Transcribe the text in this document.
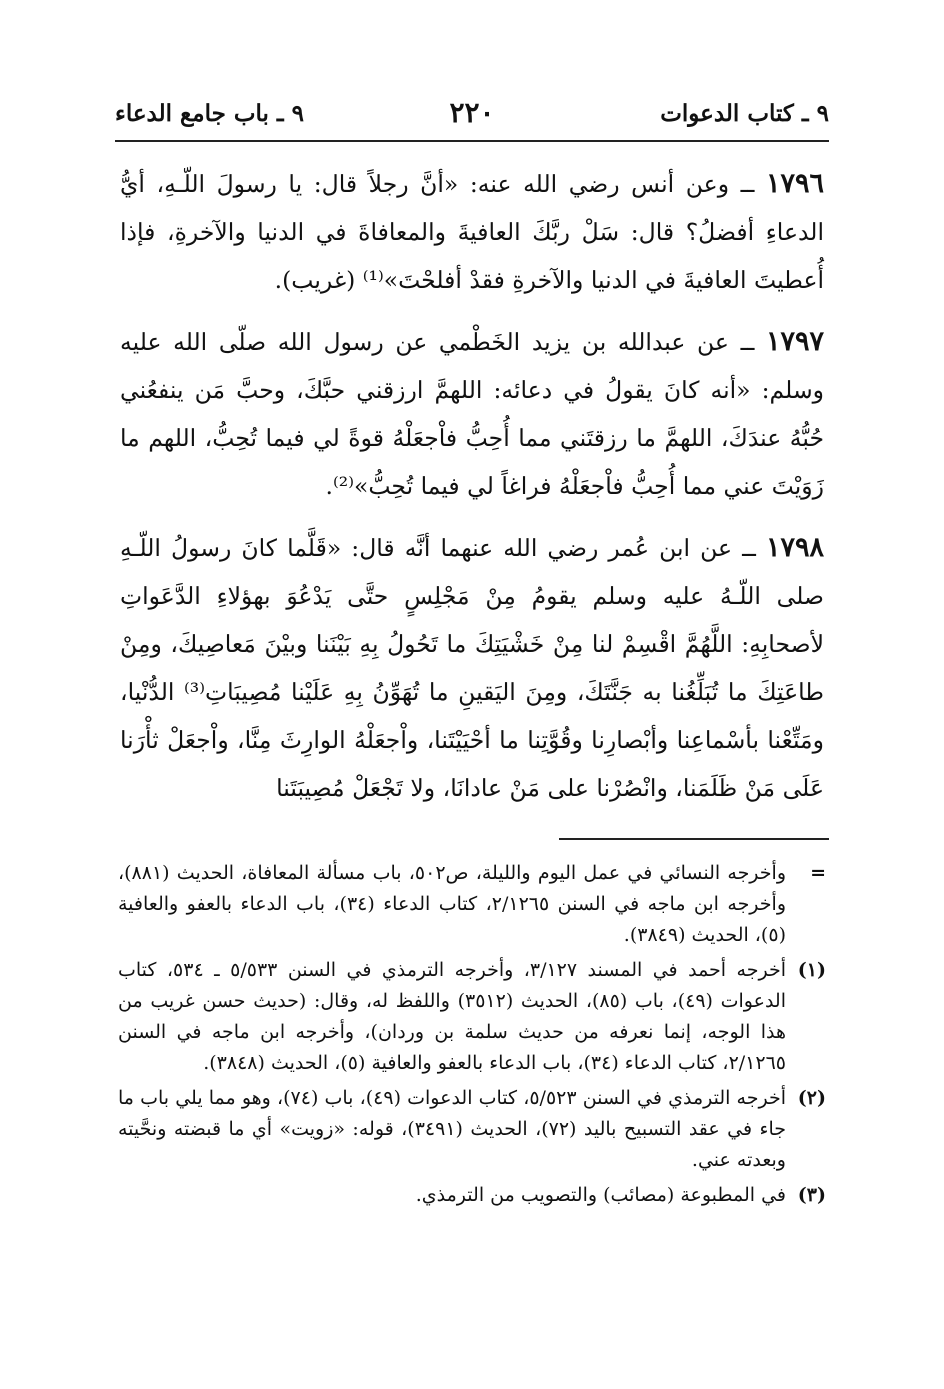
٩ ـ كتاب الدعوات
٢٢٠
٩ ـ باب جامع الدعاء

١٧٩٦ ــ وعن أنس رضي الله عنه: «أنَّ رجلاً قال: يا رسولَ اللّـهِ، أيُّ الدعاءِ أفضلُ؟ قال: سَلْ ربَّكَ العافيةَ والمعافاةَ في الدنيا والآخرةِ، فإذا أُعطيتَ العافيةَ في الدنيا والآخرةِ فقدْ أفلحْتَ»⁽¹⁾ (غريب).

١٧٩٧ ــ عن عبدالله بن يزيد الخَطْمي عن رسول الله صلّى الله عليه وسلم: «أنه كانَ يقولُ في دعائه: اللهمَّ ارزقني حبَّكَ، وحبَّ مَن ينفعُني حُبُّهُ عندَكَ، اللهمَّ ما رزقتَني مما أُحِبُّ فاْجعَلْهُ قوةً لي فيما تُحِبُّ، اللهم ما زَوَيْتَ عني مما أُحِبُّ فاْجعَلْهُ فراغاً لي فيما تُحِبُّ»⁽²⁾.

١٧٩٨ ــ عن ابن عُمر رضي الله عنهما أنَّه قال: «قَلَّما كانَ رسولُ اللّـهِ صلى اللّـهُ عليه وسلم يقومُ مِنْ مَجْلِسٍ حتَّى يَدْعُوَ بهؤلاءِ الدَّعَواتِ لأصحابِهِ: اللَّهُمَّ اقْسِمْ لنا مِنْ خَشْيَتِكَ ما تَحُولُ بِهِ بَيْنَنا وبيْنَ مَعاصِيكَ، ومِنْ طاعَتِكَ ما تُبَلِّغُنا به جَنَّتَكَ، ومِنَ اليَقينِ ما تُهَوِّنُ بِهِ عَلَيْنا مُصِيبَاتِ⁽³⁾ الدُّنْيا، ومَتِّعْنا بأسْماعِنا وأبْصارِنا وقُوَّتِنا ما أحْيَيْتَنا، واْجعَلْهُ الوارِثَ مِنَّا، واْجعَلْ ثأْرَنا عَلَى مَنْ ظَلَمَنا، وانْصُرْنا على مَنْ عادانَا، ولا تَجْعَلْ مُصِيبَتَنا

=
وأخرجه النسائي في عمل اليوم والليلة، ص٥٠٢، باب مسألة المعافاة، الحديث (٨٨١)، وأخرجه ابن ماجه في السنن ٢/١٢٦٥، كتاب الدعاء (٣٤)، باب الدعاء بالعفو والعافية (٥)، الحديث (٣٨٤٩).
(١)
أخرجه أحمد في المسند ٣/١٢٧، وأخرجه الترمذي في السنن ٥/٥٣٣ ـ ٥٣٤، كتاب الدعوات (٤٩)، باب (٨٥)، الحديث (٣٥١٢) واللفظ له، وقال: (حديث حسن غريب من هذا الوجه، إنما نعرفه من حديث سلمة بن وردان)، وأخرجه ابن ماجه في السنن ٢/١٢٦٥، كتاب الدعاء (٣٤)، باب الدعاء بالعفو والعافية (٥)، الحديث (٣٨٤٨).
(٢)
أخرجه الترمذي في السنن ٥/٥٢٣، كتاب الدعوات (٤٩)، باب (٧٤)، وهو مما يلي باب ما جاء في عقد التسبيح باليد (٧٢)، الحديث (٣٤٩١)، قوله: «زويت» أي ما قبضته ونحَّيته وبعدته عني.
(٣)
في المطبوعة (مصائب) والتصويب من الترمذي.
